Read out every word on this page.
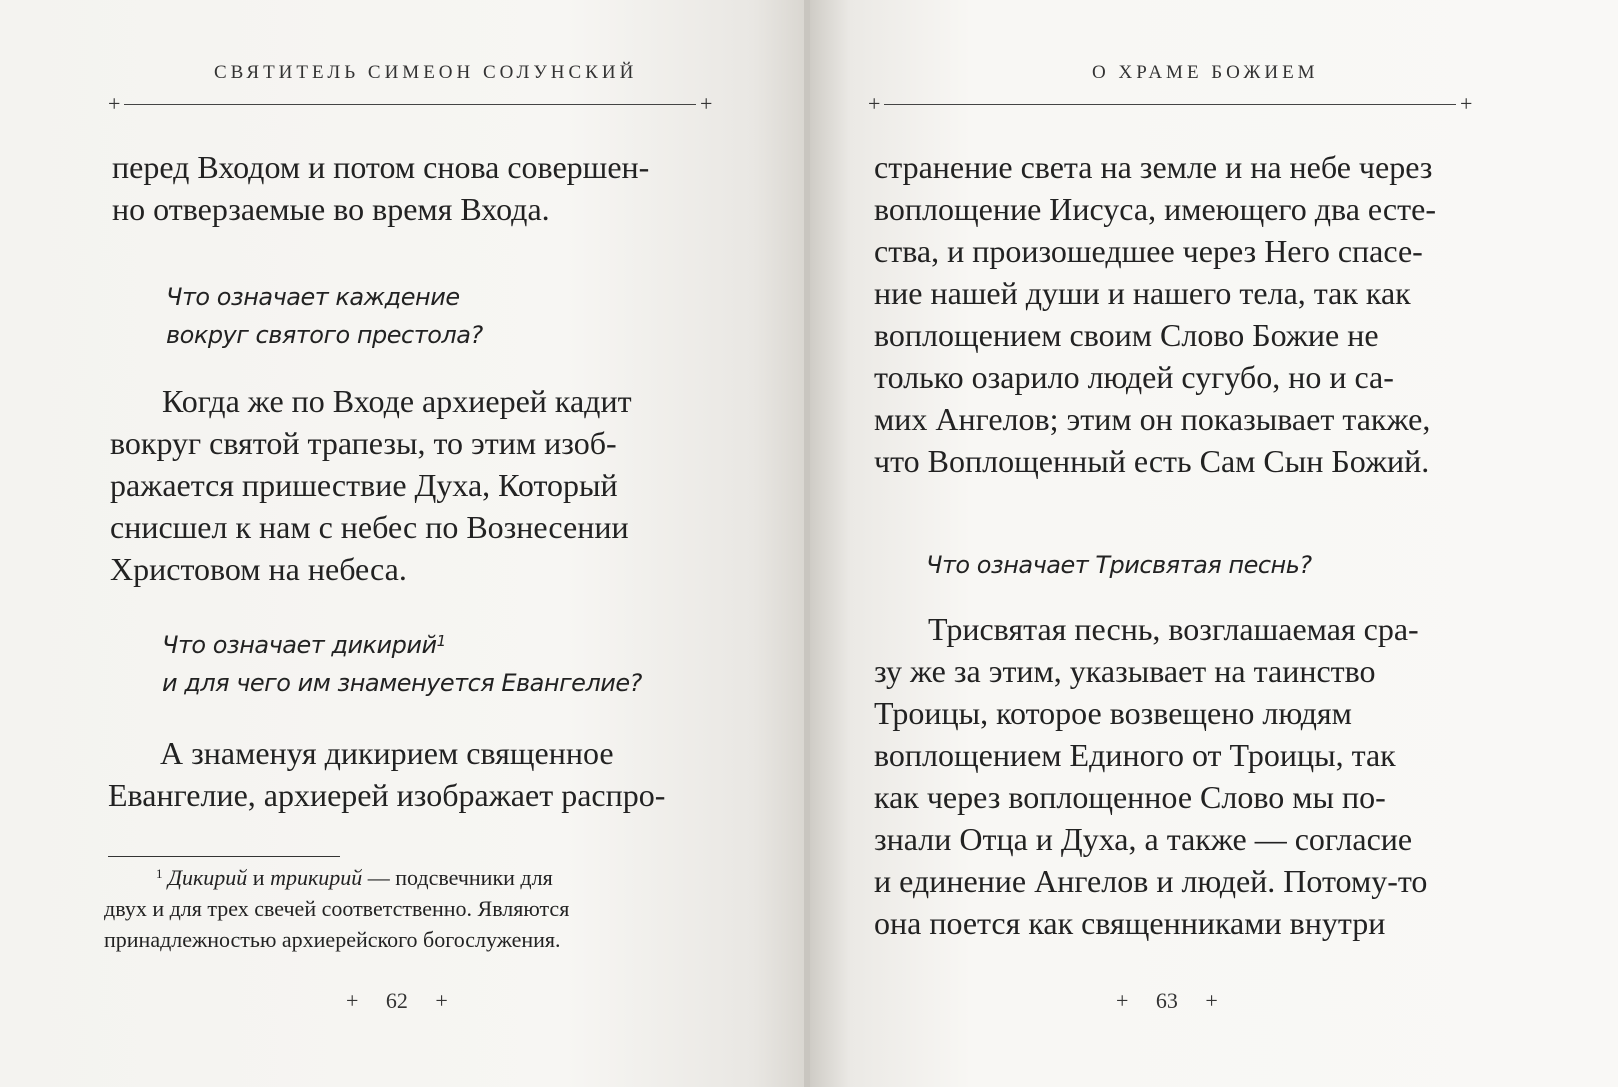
СВЯТИТЕЛЬ СИМЕОН СОЛУНСКИЙ
+	+
перед Входом и потом снова совершен-
но отверзаемые во время Входа.
Что означает каждение
вокруг святого престола?
Когда же по Входе архиерей кадит
вокруг святой трапезы, то этим изоб-
ражается пришествие Духа, Который
снисшел к нам с небес по Вознесении
Христовом на небеса.
Что означает дикирий$^1$
и для чего им знаменуется Евангелие?
А знаменуя дикирием священное
Евангелие, архиерей изображает распро-
$^1$ Дикирий и трикирий — подсвечники для
двух и для трех свечей соответственно. Являются
принадлежностью архиерейского богослужения.
+ 62 +
О ХРАМЕ БОЖИЕМ
+	+
странение света на земле и на небе через
воплощение Иисуса, имеющего два есте-
ства, и произошедшее через Него спасе-
ние нашей души и нашего тела, так как
воплощением своим Слово Божие не
только озарило людей сугубо, но и са-
мих Ангелов; этим он показывает также,
что Воплощенный есть Сам Сын Божий.
Что означает Трисвятая песнь?
Трисвятая песнь, возглашаемая сра-
зу же за этим, указывает на таинство
Троицы, которое возвещено людям
воплощением Единого от Троицы, так
как через воплощенное Слово мы по-
знали Отца и Духа, а также — согласие
и единение Ангелов и людей. Потому-то
она поется как священниками внутри
+ 63 +
